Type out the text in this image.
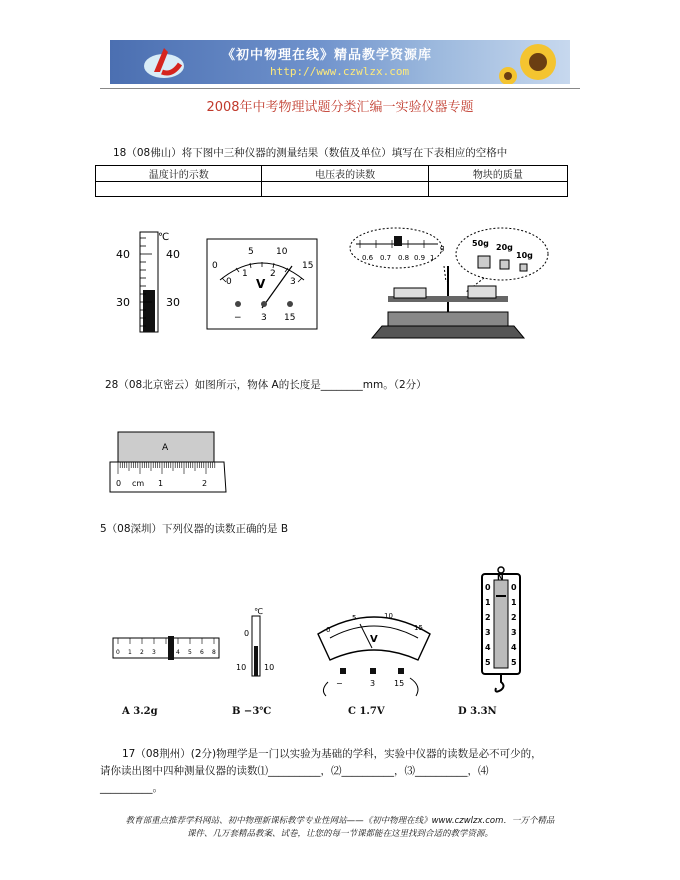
《初中物理在线》精品教学资源库
http://www.czwlzx.com
2008年中考物理试题分类汇编一实验仪器专题
18（08佛山）将下图中三种仪器的测量结果（数值及单位）填写在下表相应的空格中
温度计的示数	电压表的读数	物块的质量

℃
40	40
30	30
0
5 10
15
0
1 2
3
V
− 3 15
0.6 0.7 0.8 0.9 1
g	50g 20g
10g
28（08北京密云）如图所示，物体 A的长度是________mm。（2分）
A
0 cm 1	2
5（08深圳）下列仪器的读数正确的是 B
0 1 2 3	4 5 6 8
℃
0
10 10
0
5	10
15
V
−	3 15
N
0
1
2
3
4
5
0
1
2
3
4
5
A 3.2g	B −3℃	C 1.7V	D 3.3N
17（08荆州）(2分)物理学是一门以实验为基础的学科，实验中仪器的读数是必不可少的，
请你读出图中四种测量仪器的读数⑴__________，⑵__________，⑶__________，⑷
__________。
教育部重点推荐学科网站、初中物理新课标教学专业性网站——《初中物理在线》www.czwlzx.com．一万个精品
课件、几万套精品教案、试卷，让您的每一节课都能在这里找到合适的教学资源。
